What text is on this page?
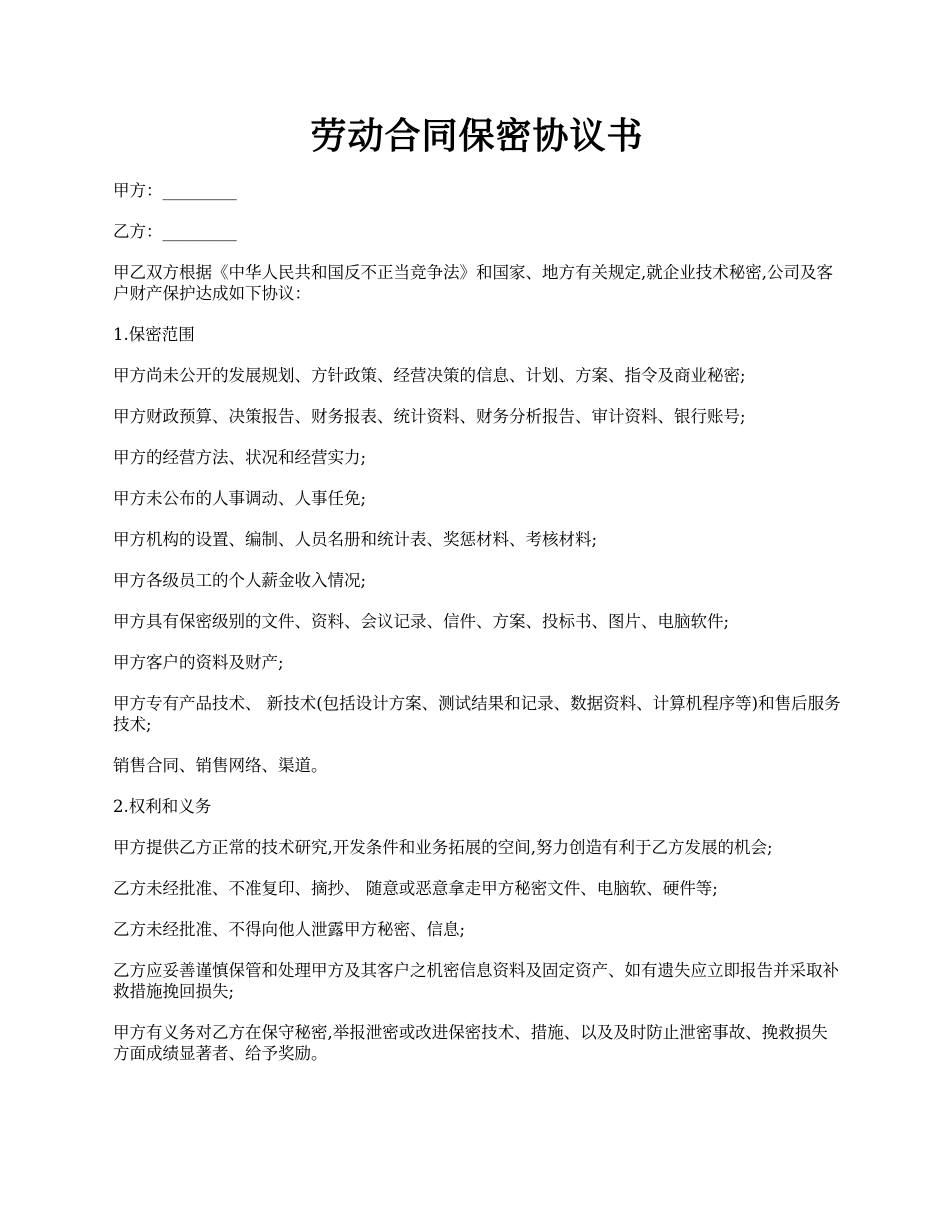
劳动合同保密协议书

甲方：_________

乙方：_________

甲乙双方根据《中华人民共和国反不正当竞争法》和国家、地方有关规定,就企业技术秘密,公司及客户财产保护达成如下协议：

1.保密范围

甲方尚未公开的发展规划、方针政策、经营决策的信息、计划、方案、指令及商业秘密;

甲方财政预算、决策报告、财务报表、统计资料、财务分析报告、审计资料、银行账号;

甲方的经营方法、状况和经营实力;

甲方未公布的人事调动、人事任免;

甲方机构的设置、编制、人员名册和统计表、奖惩材料、考核材料;

甲方各级员工的个人薪金收入情况;

甲方具有保密级别的文件、资料、会议记录、信件、方案、投标书、图片、电脑软件;

甲方客户的资料及财产;

甲方专有产品技术、 新技术(包括设计方案、测试结果和记录、数据资料、计算机程序等)和售后服务技术;

销售合同、销售网络、渠道。

2.权利和义务

甲方提供乙方正常的技术研究,开发条件和业务拓展的空间,努力创造有利于乙方发展的机会;

乙方未经批准、不准复印、摘抄、 随意或恶意拿走甲方秘密文件、电脑软、硬件等;

乙方未经批准、不得向他人泄露甲方秘密、信息;

乙方应妥善谨慎保管和处理甲方及其客户之机密信息资料及固定资产、如有遗失应立即报告并采取补救措施挽回损失;

甲方有义务对乙方在保守秘密,举报泄密或改进保密技术、措施、以及及时防止泄密事故、挽救损失方面成绩显著者、给予奖励。
